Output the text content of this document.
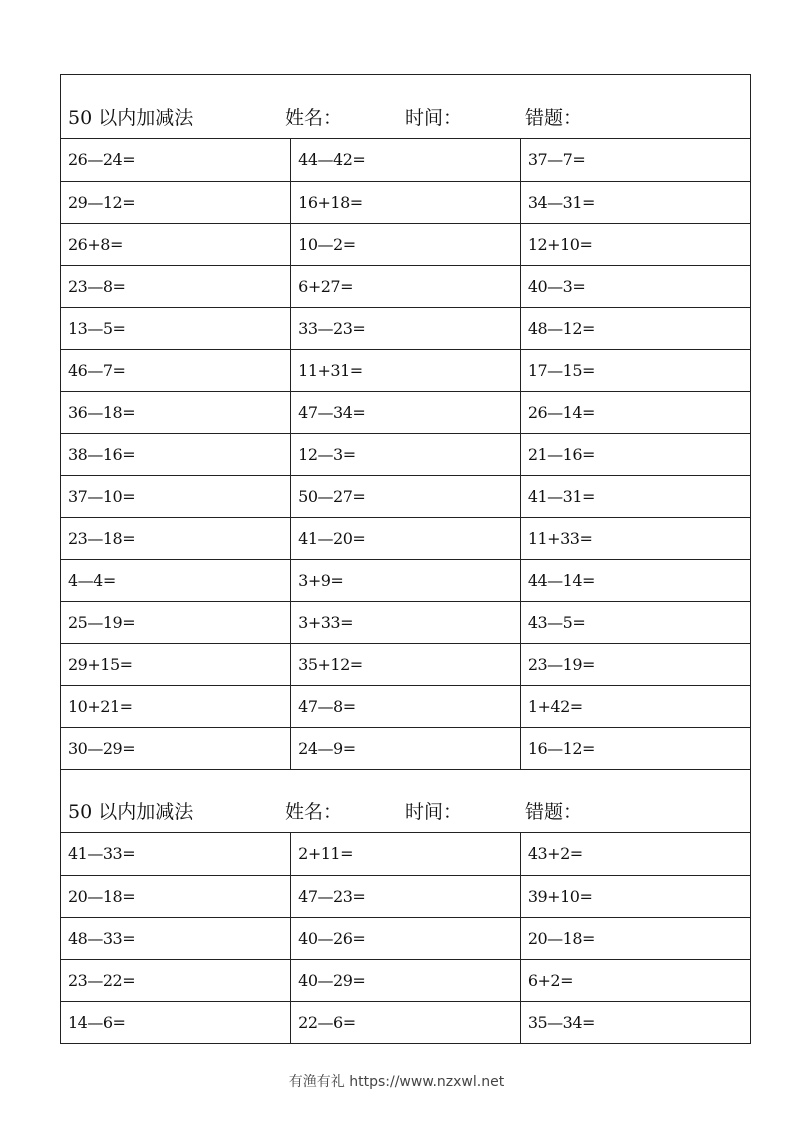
50 以内加减法	姓名：	时间：	错题：
26—24=	44—42=	37—7=
29—12=	16+18=	34—31=
26+8=	10—2=	12+10=
23—8=	6+27=	40—3=
13—5=	33—23=	48—12=
46—7=	11+31=	17—15=
36—18=	47—34=	26—14=
38—16=	12—3=	21—16=
37—10=	50—27=	41—31=
23—18=	41—20=	11+33=
4—4=	3+9=	44—14=
25—19=	3+33=	43—5=
29+15=	35+12=	23—19=
10+21=	47—8=	1+42=
30—29=	24—9=	16—12=
50 以内加减法	姓名：	时间：	错题：
41—33=	2+11=	43+2=
20—18=	47—23=	39+10=
48—33=	40—26=	20—18=
23—22=	40—29=	6+2=
14—6=	22—6=	35—34=
有渔有礼 https://www.nzxwl.net
